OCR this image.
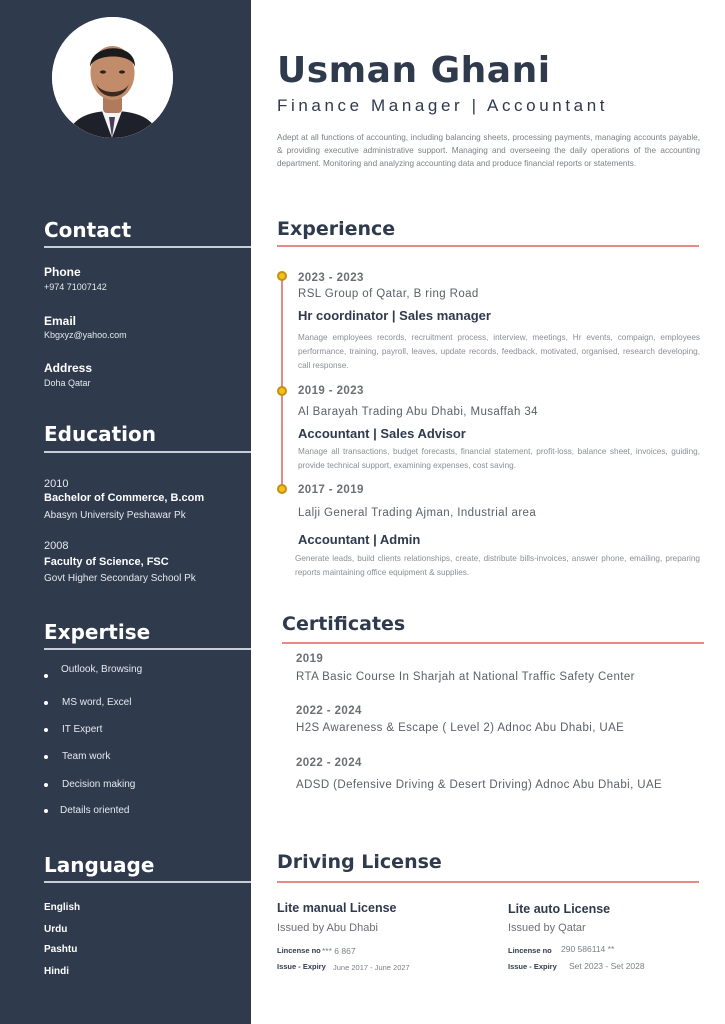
Contact
Phone
+974 71007142
Email
Kbgxyz@yahoo.com
Address
Doha Qatar
Education
2010
Bachelor of Commerce, B.com
Abasyn University Peshawar Pk
2008
Faculty of Science, FSC
Govt Higher Secondary School Pk
Expertise
Outlook, Browsing
MS word, Excel
IT Expert
Team work
Decision making
Details oriented
Language
English
Urdu
Pashtu
Hindi
Usman Ghani
Finance Manager | Accountant
Adept at all functions of accounting, including balancing sheets, processing payments, managing accounts payable, & providing executive administrative support. Managing and overseeing the daily operations of the accounting department. Monitoring and analyzing accounting data and produce financial reports or statements.
Experience
2023 - 2023
RSL Group of Qatar, B ring Road
Hr coordinator | Sales manager
Manage employees records, recruitment process, interview, meetings, Hr events, compaign, employees performance, training, payroll, leaves, update records, feedback, motivated, organised, research developing, call response.
2019 - 2023
Al Barayah Trading Abu Dhabi, Musaffah 34
Accountant | Sales Advisor
Manage all transactions, budget forecasts, financial statement, profit-loss, balance sheet, invoices, guiding, provide technical support, examining expenses, cost saving.
2017 - 2019
Lalji General Trading Ajman, Industrial area
Accountant | Admin
Generate leads, build clients relationships, create, distribute bills-invoices, answer phone, emailing, preparing reports maintaining office equipment & supplies.
Certificates
2019
RTA Basic Course In Sharjah at National Traffic Safety Center
2022 - 2024
H2S Awareness & Escape ( Level 2) Adnoc Abu Dhabi, UAE
2022 - 2024
ADSD (Defensive Driving & Desert Driving) Adnoc Abu Dhabi, UAE
Driving License
Lite manual License
Issued by Abu Dhabi
Lincense no *** 6 867
Issue - Expiry June 2017 - June 2027
Lite auto License
Issued by Qatar
Lincense no 290 586114 **
Issue - Expiry Set 2023 - Set 2028
